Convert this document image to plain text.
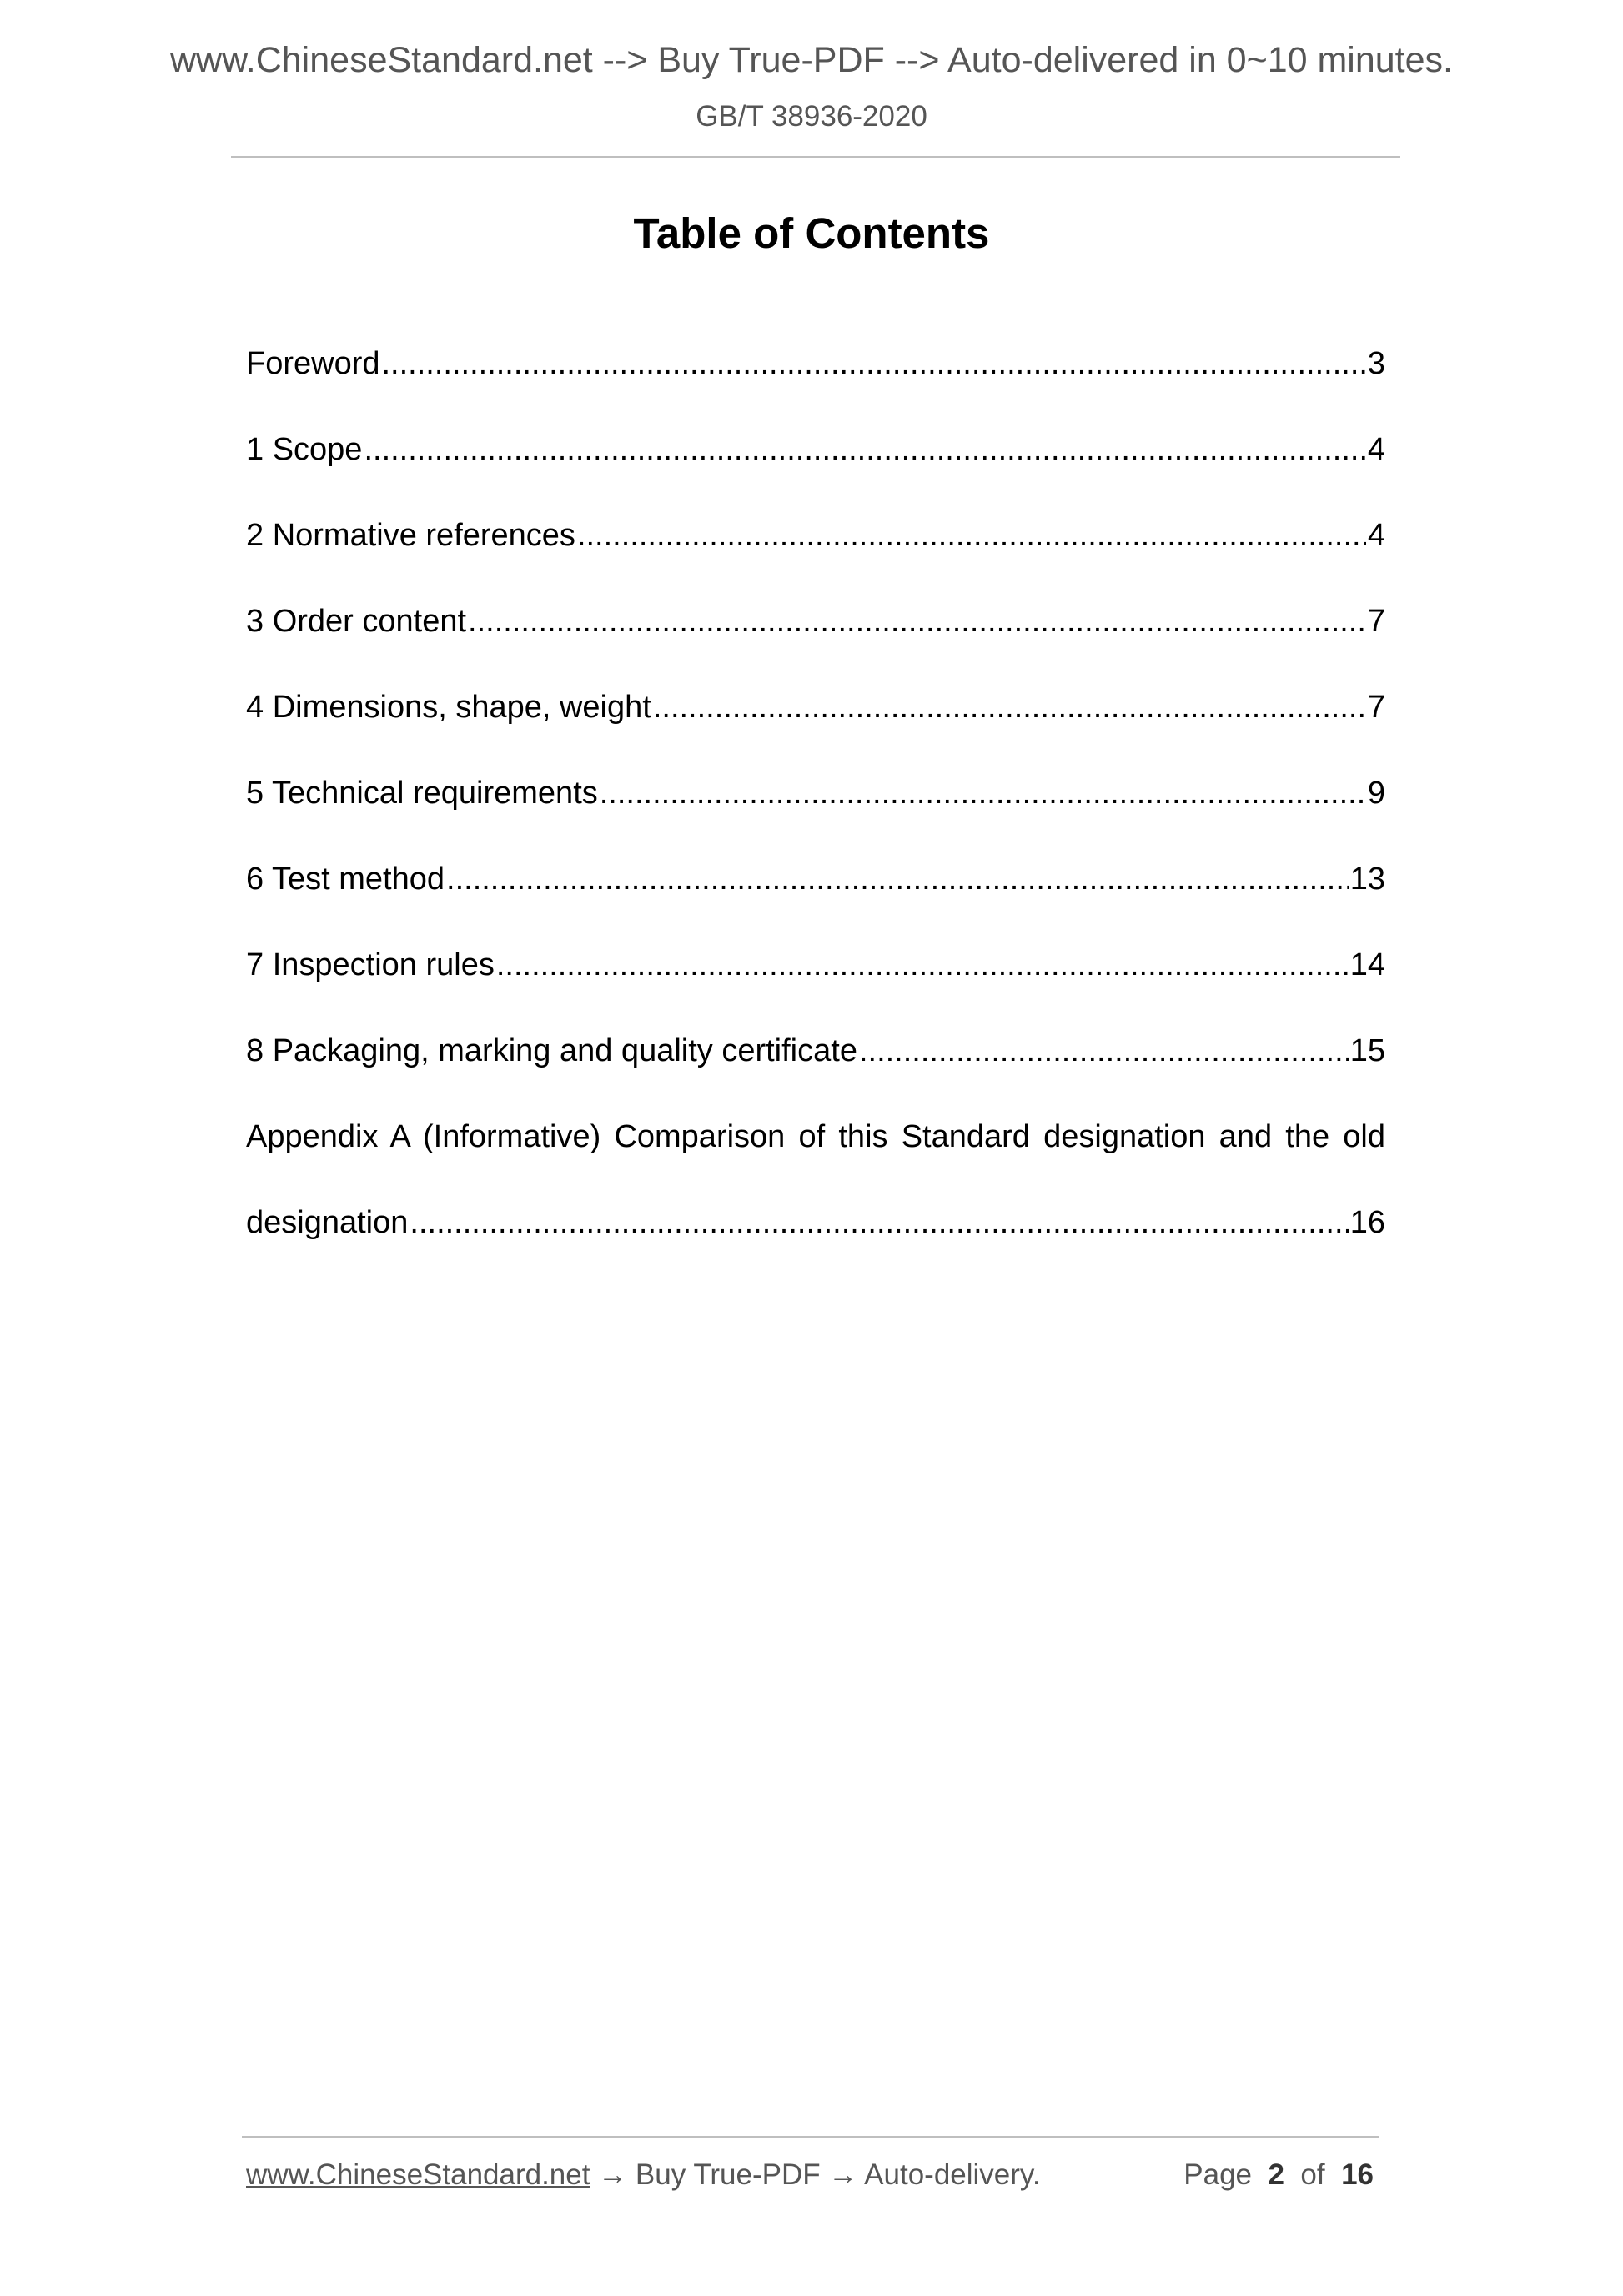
www.ChineseStandard.net --> Buy True-PDF --> Auto-delivered in 0~10 minutes.
GB/T 38936-2020
Table of Contents
Foreword .....	3
1 Scope .....	4
2 Normative references .....	4
3 Order content .....	7
4 Dimensions, shape, weight .....	7
5 Technical requirements .....	9
6 Test method .....	13
7 Inspection rules .....	14
8 Packaging, marking and quality certificate .....	15
Appendix A (Informative) Comparison of this Standard designation and the old
designation .....	16
www.ChineseStandard.net → Buy True-PDF → Auto-delivery.	Page 2 of 16
